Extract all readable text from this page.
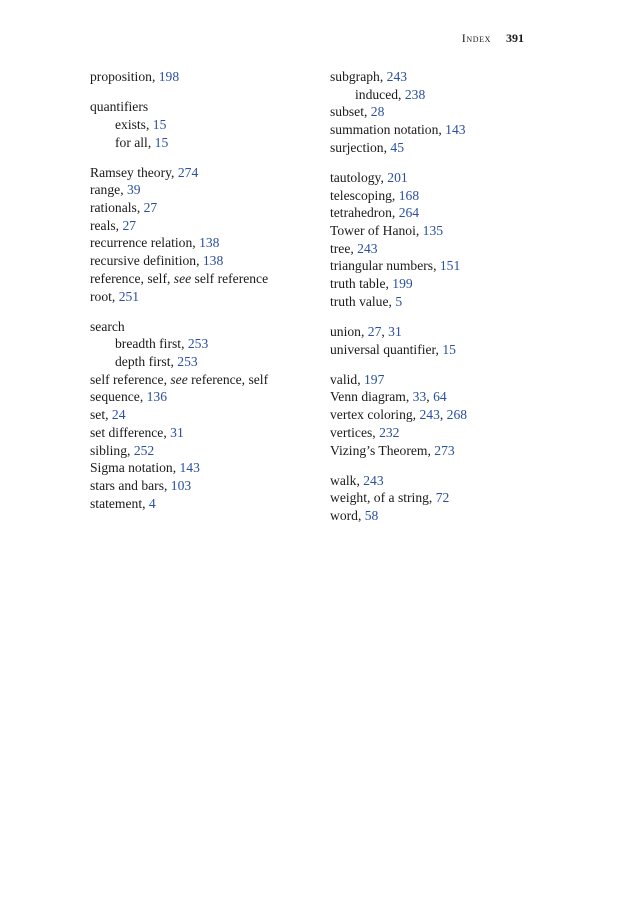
Index 391
proposition, 198
quantifiers
exists, 15
for all, 15
Ramsey theory, 274
range, 39
rationals, 27
reals, 27
recurrence relation, 138
recursive definition, 138
reference, self, see self reference
root, 251
search
breadth first, 253
depth first, 253
self reference, see reference, self
sequence, 136
set, 24
set difference, 31
sibling, 252
Sigma notation, 143
stars and bars, 103
statement, 4
subgraph, 243
induced, 238
subset, 28
summation notation, 143
surjection, 45
tautology, 201
telescoping, 168
tetrahedron, 264
Tower of Hanoi, 135
tree, 243
triangular numbers, 151
truth table, 199
truth value, 5
union, 27, 31
universal quantifier, 15
valid, 197
Venn diagram, 33, 64
vertex coloring, 243, 268
vertices, 232
Vizing’s Theorem, 273
walk, 243
weight, of a string, 72
word, 58
